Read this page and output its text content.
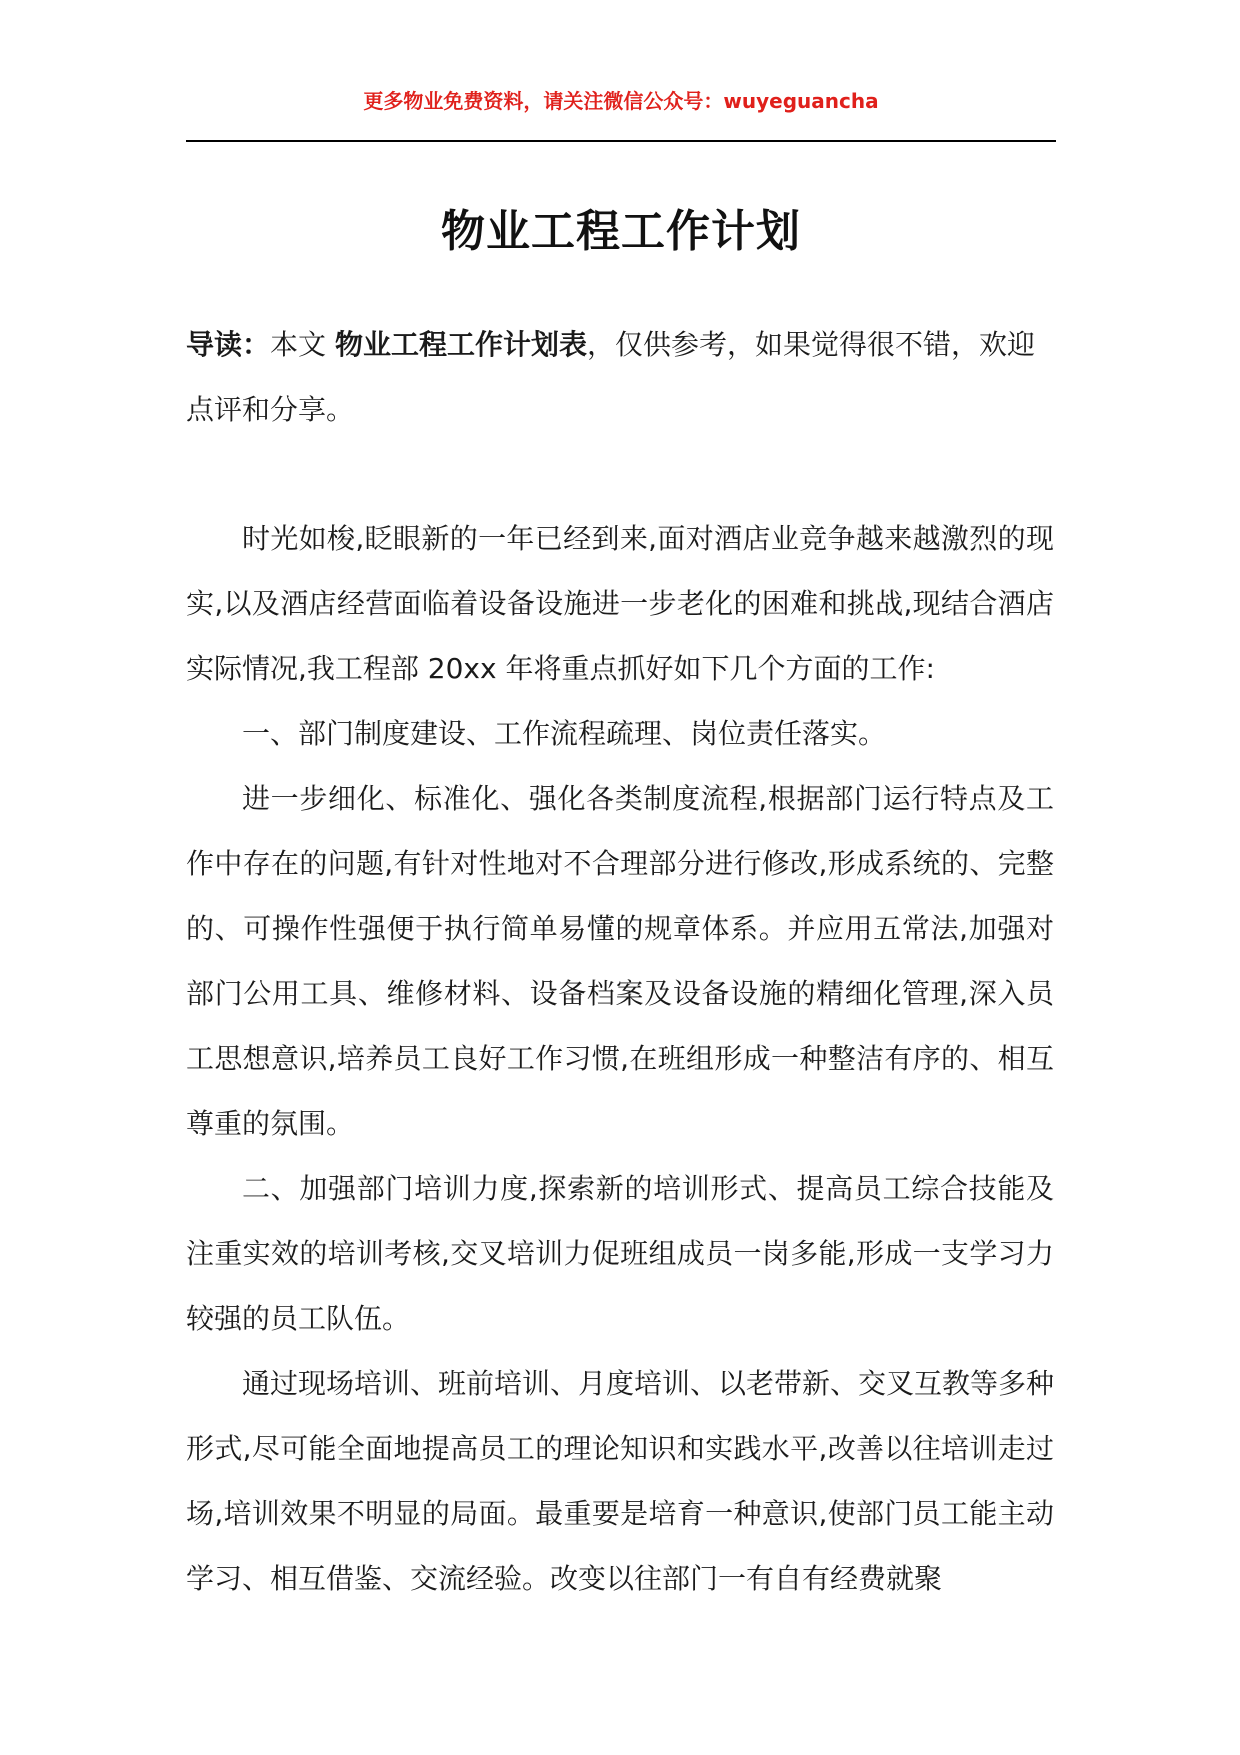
更多物业免费资料，请关注微信公众号：wuyeguancha
物业工程工作计划
导读：本文 物业工程工作计划表，仅供参考，如果觉得很不错，欢迎点评和分享。

时光如梭,眨眼新的一年已经到来,面对酒店业竞争越来越激烈的现实,以及酒店经营面临着设备设施进一步老化的困难和挑战,现结合酒店实际情况,我工程部 20xx 年将重点抓好如下几个方面的工作:

一、部门制度建设、工作流程疏理、岗位责任落实。

进一步细化、标准化、强化各类制度流程,根据部门运行特点及工作中存在的问题,有针对性地对不合理部分进行修改,形成系统的、完整的、可操作性强便于执行简单易懂的规章体系。并应用五常法,加强对部门公用工具、维修材料、设备档案及设备设施的精细化管理,深入员工思想意识,培养员工良好工作习惯,在班组形成一种整洁有序的、相互尊重的氛围。

二、加强部门培训力度,探索新的培训形式、提高员工综合技能及注重实效的培训考核,交叉培训力促班组成员一岗多能,形成一支学习力较强的员工队伍。

通过现场培训、班前培训、月度培训、以老带新、交叉互教等多种形式,尽可能全面地提高员工的理论知识和实践水平,改善以往培训走过场,培训效果不明显的局面。最重要是培育一种意识,使部门员工能主动学习、相互借鉴、交流经验。改变以往部门一有自有经费就聚
